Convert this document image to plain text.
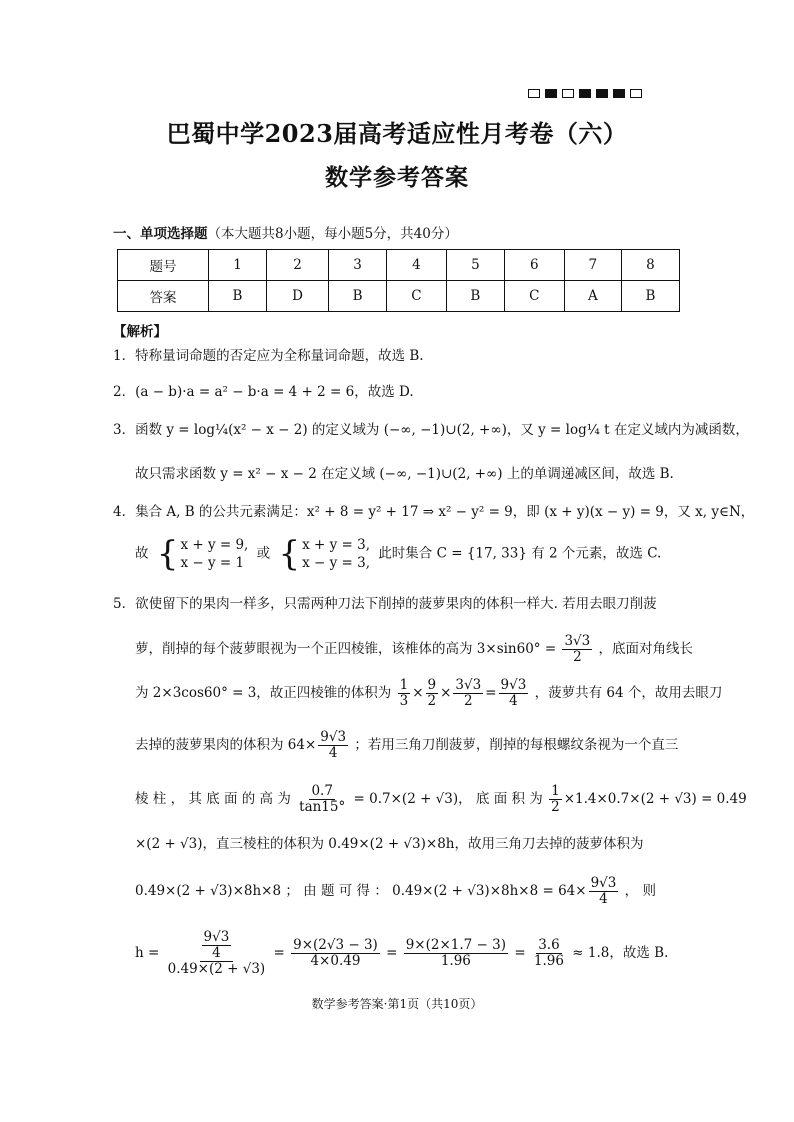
巴蜀中学2023届高考适应性月考卷（六）
数学参考答案
一、单项选择题（本大题共8小题，每小题5分，共40分）
题号	1	2	3	4	5	6	7	8
答案	B	D	B	C	B	C	A	B
【解析】
1．特称量词命题的否定应为全称量词命题，故选 B.
2．(a − b)·a = a² − b·a = 4 + 2 = 6，故选 D.
3．函数 y = log¼(x² − x − 2) 的定义域为 (−∞, −1)∪(2, +∞)，又 y = log¼ t 在定义域内为减函数，
故只需求函数 y = x² − x − 2 在定义域 (−∞, −1)∪(2, +∞) 上的单调递减区间，故选 B.
4．集合 A, B 的公共元素满足：x² + 8 = y² + 17 ⇒ x² − y² = 9，即 (x + y)(x − y) = 9，又 x, y∈N，
故 { x + y = 9,
x − y = 1
或 { x + y = 3,
x − y = 3,
此时集合 C = {17, 33} 有 2 个元素，故选 C.
5．欲使留下的果肉一样多，只需两种刀法下削掉的菠萝果肉的体积一样大. 若用去眼刀削菠
萝，削掉的每个菠萝眼视为一个正四棱锥，该椎体的高为 $3\times\sin 60^\circ = \frac{3√3}{2}$ ，底面对角线长
为 2×3cos60° = 3，故正四棱锥的体积为 $\frac{1}{3} \times \frac{9}{2} \times \frac{3√3}{2} = \frac{9√3}{4}$ ，菠萝共有 64 个，故用去眼刀
去掉的菠萝果肉的体积为 $64\times \frac{9√3}{4}$ ；若用三角刀削菠萝，削掉的每根螺纹条视为一个直三
棱 柱 ， 其 底 面 的 高 为 $\frac{0.7}{\tan 15^\circ} = 0.7\times(2 + √3)$， 底 面 积 为 $\frac{1}{2} \times 1.4\times 0.7\times(2 + √3) = 0.49$
×(2 + √3)，直三棱柱的体积为 0.49×(2 + √3)×8h，故用三角刀去掉的菠萝体积为
0.49×(2 + √3)×8h×8 ； 由 题 可 得 ： $0.49\times(2 + √3)\times 8h\times 8 = 64\times \frac{9√3}{4}$ ， 则
$h = \frac{\frac{9√3}{4}}{0.49\times(2 + √3)} = \frac{9\times(2√3 - 3)}{4\times 0.49} = \frac{9\times(2\times 1.7 - 3)}{1.96} = \frac{3.6}{1.96} \approx 1.8$，故选 B.
数学参考答案·第1页（共10页）
